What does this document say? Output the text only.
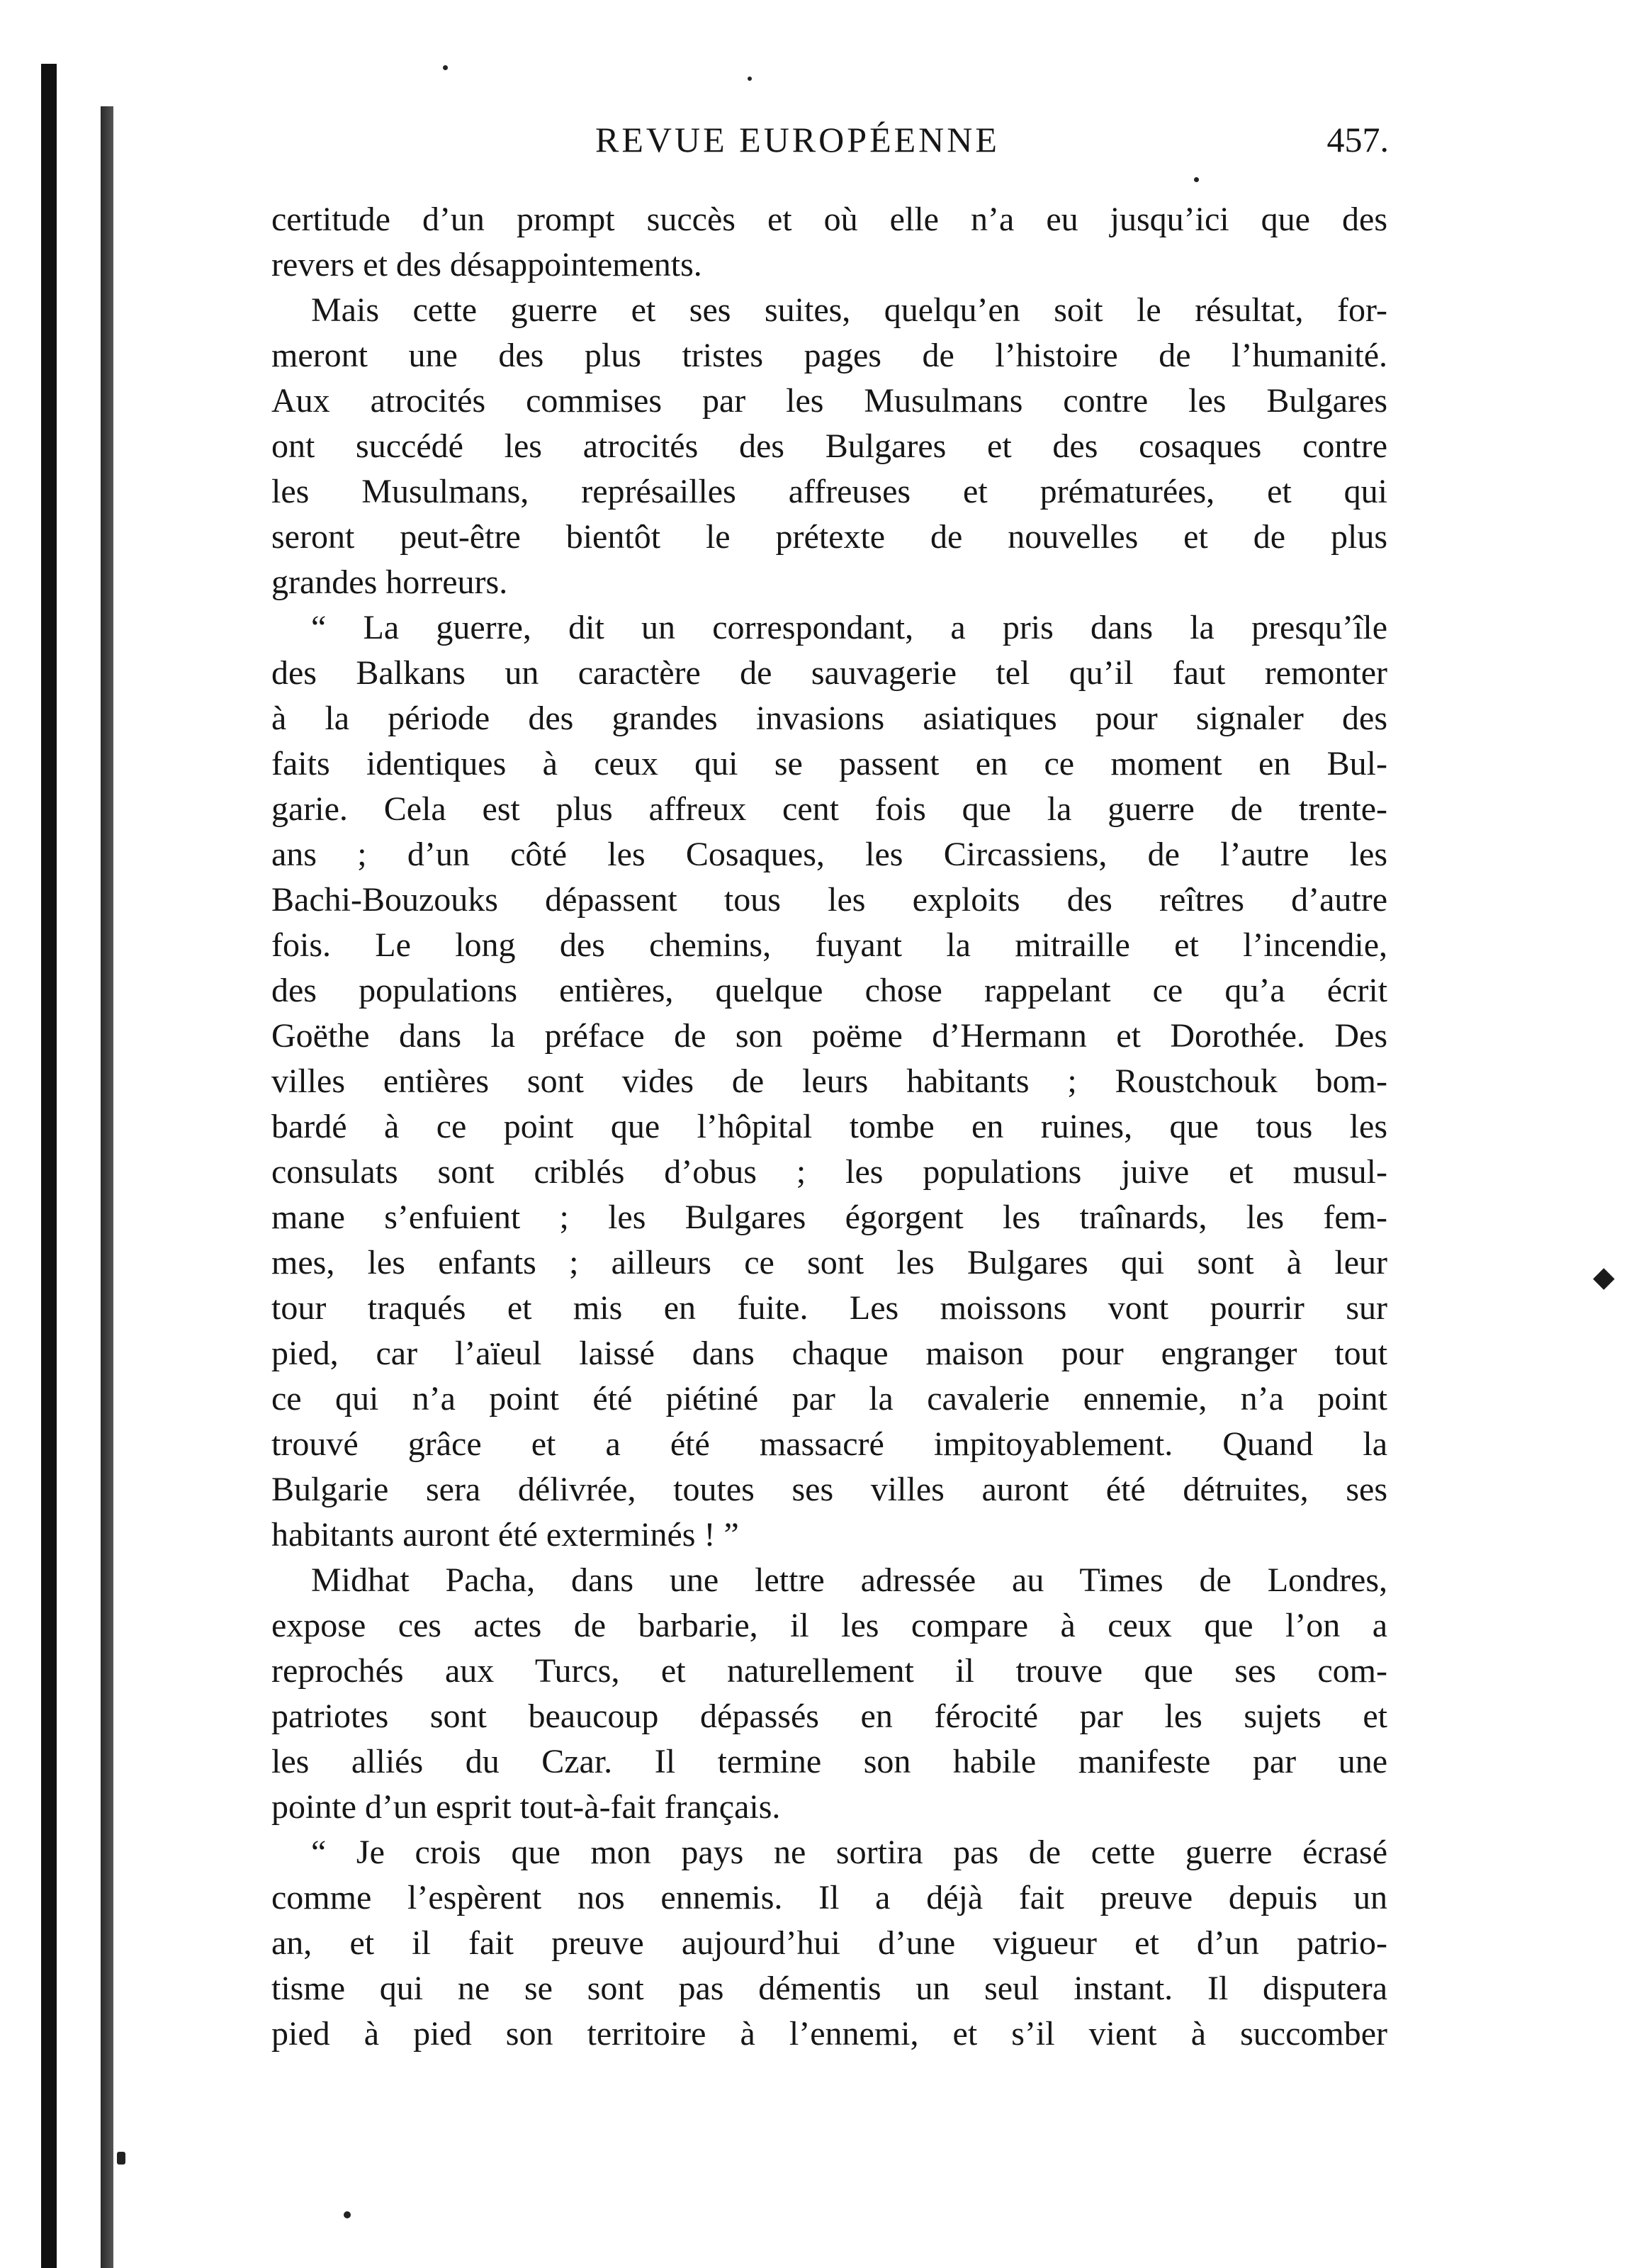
REVUE EUROPÉENNE	457.
certitude d’un prompt succès et où elle n’a eu jusqu’ici que des
revers et des désappointements.
Mais cette guerre et ses suites, quelqu’en soit le résultat, for-
meront une des plus tristes pages de l’histoire de l’humanité.
Aux atrocités commises par les Musulmans contre les Bulgares
ont succédé les atrocités des Bulgares et des cosaques contre
les Musulmans, représailles affreuses et prématurées, et qui
seront peut-être bientôt le prétexte de nouvelles et de plus
grandes horreurs.
“ La guerre, dit un correspondant, a pris dans la presqu’île
des Balkans un caractère de sauvagerie tel qu’il faut remonter
à la période des grandes invasions asiatiques pour signaler des
faits identiques à ceux qui se passent en ce moment en Bul-
garie. Cela est plus affreux cent fois que la guerre de trente-
ans ; d’un côté les Cosaques, les Circassiens, de l’autre les
Bachi-Bouzouks dépassent tous les exploits des reîtres d’autre
fois. Le long des chemins, fuyant la mitraille et l’incendie,
des populations entières, quelque chose rappelant ce qu’a écrit
Goëthe dans la préface de son poëme d’Hermann et Dorothée. Des
villes entières sont vides de leurs habitants ; Roustchouk bom-
bardé à ce point que l’hôpital tombe en ruines, que tous les
consulats sont criblés d’obus ; les populations juive et musul-
mane s’enfuient ; les Bulgares égorgent les traînards, les fem-
mes, les enfants ; ailleurs ce sont les Bulgares qui sont à leur
tour traqués et mis en fuite. Les moissons vont pourrir sur
pied, car l’aïeul laissé dans chaque maison pour engranger tout
ce qui n’a point été piétiné par la cavalerie ennemie, n’a point
trouvé grâce et a été massacré impitoyablement. Quand la
Bulgarie sera délivrée, toutes ses villes auront été détruites, ses
habitants auront été exterminés ! ”
Midhat Pacha, dans une lettre adressée au Times de Londres,
expose ces actes de barbarie, il les compare à ceux que l’on a
reprochés aux Turcs, et naturellement il trouve que ses com-
patriotes sont beaucoup dépassés en férocité par les sujets et
les alliés du Czar. Il termine son habile manifeste par une
pointe d’un esprit tout-à-fait français.
“ Je crois que mon pays ne sortira pas de cette guerre écrasé
comme l’espèrent nos ennemis. Il a déjà fait preuve depuis un
an, et il fait preuve aujourd’hui d’une vigueur et d’un patrio-
tisme qui ne se sont pas démentis un seul instant. Il disputera
pied à pied son territoire à l’ennemi, et s’il vient à succomber
◆
